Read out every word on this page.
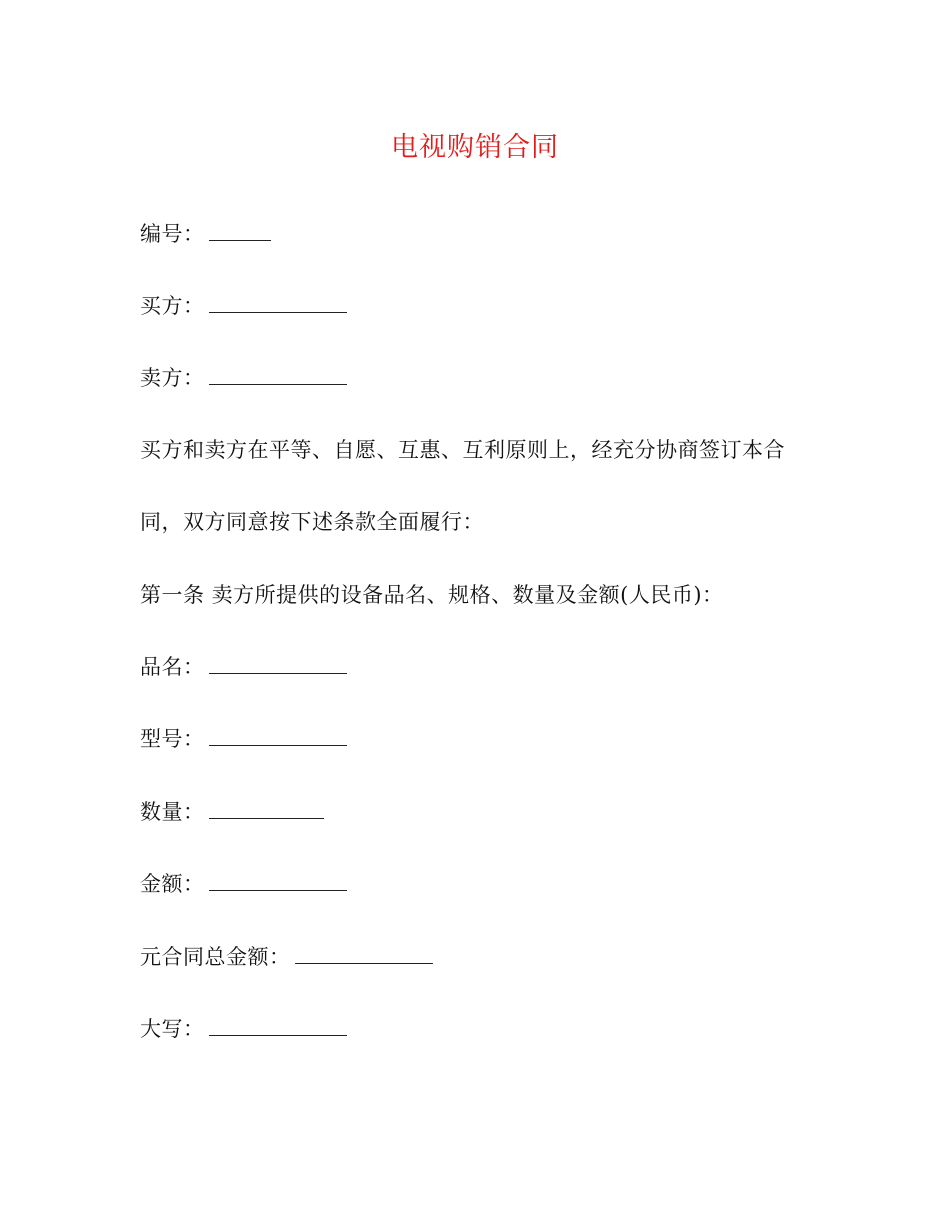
电视购销合同
编号：
买方：
卖方：
买方和卖方在平等、自愿、互惠、互利原则上，经充分协商签订本合
同，双方同意按下述条款全面履行：
第一条 卖方所提供的设备品名、规格、数量及金额(人民币)：
品名：
型号：
数量：
金额：
元合同总金额：
大写：
